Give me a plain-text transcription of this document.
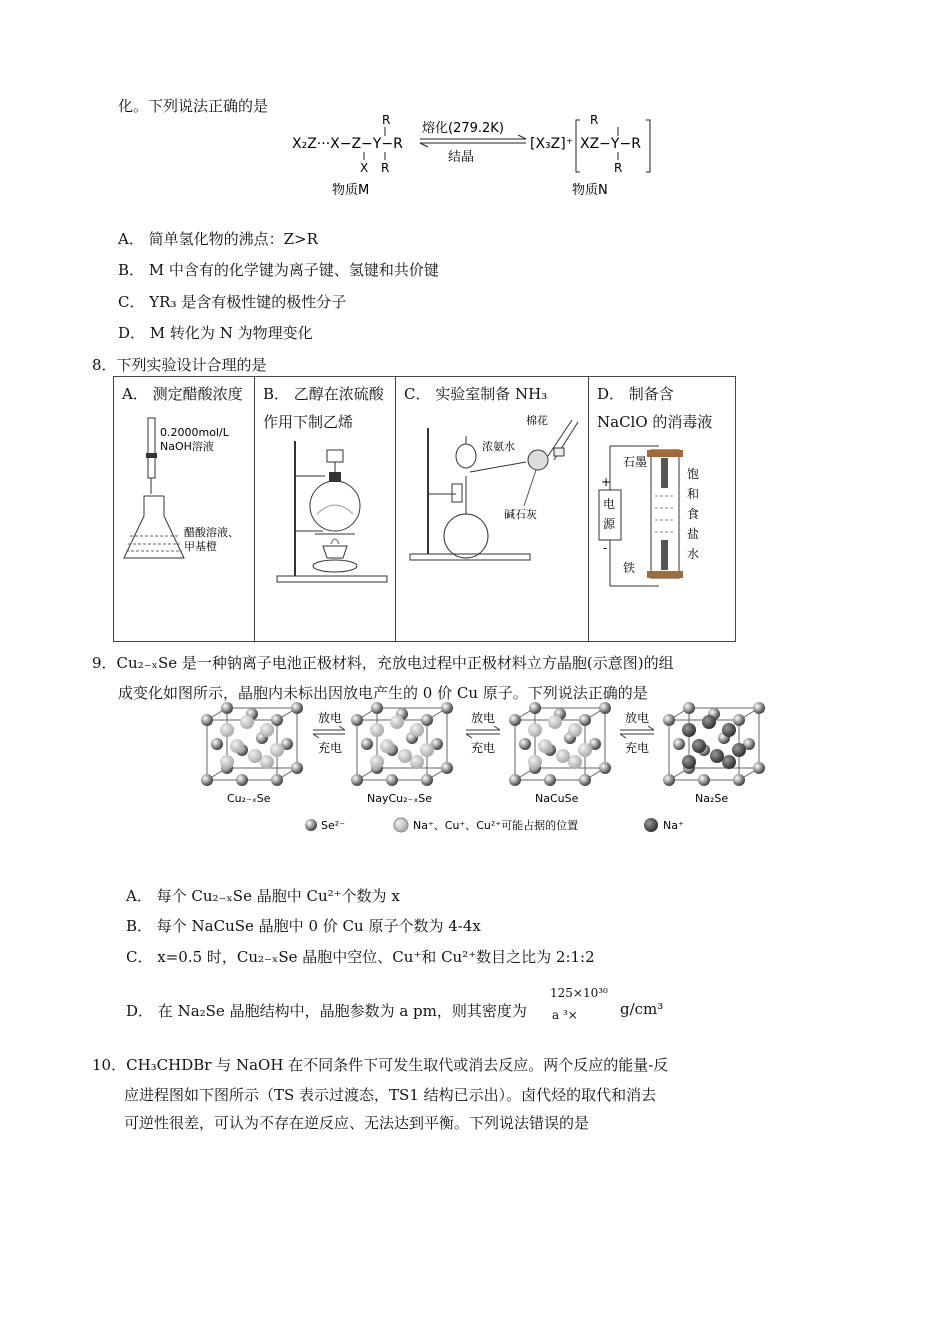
化。下列说法正确的是
R
X₂Z···X−Z−Y−R
X R
熔化(279.2K)
结晶
[X₃Z]⁺
R
XZ−Y−R
R
物质M	物质N
A． 简单氢化物的沸点：Z>R
B． M 中含有的化学键为离子键、氢键和共价键
C． YR₃ 是含有极性键的极性分子
D． M 转化为 N 为物理变化
8．下列实验设计合理的是
A． 测定醋酸浓度
0.2000mol/L
NaOH溶液
醋酸溶液、
甲基橙

B． 乙醇在浓硫酸作用下制乙烯

C． 实验室制备 NH₃
浓氨水
棉花
碱石灰

D． 制备含 NaClO 的消毒液
电
源
+
-
石墨
铁
饱
和
食
盐
水
9．Cu₂₋ₓSe 是一种钠离子电池正极材料，充放电过程中正极材料立方晶胞(示意图)的组
成变化如图所示，晶胞内未标出因放电产生的 0 价 Cu 原子。下列说法正确的是
放电
充电
放电
充电
放电
充电
Cu₂₋ₓSe	NayCu₂₋ₓSe	NaCuSe	Na₂Se
Se²⁻	Na⁺、Cu⁺、Cu²⁺可能占据的位置	Na⁺
A． 每个 Cu₂₋ₓSe 晶胞中 Cu²⁺个数为 x
B． 每个 NaCuSe 晶胞中 0 价 Cu 原子个数为 4-4x
C． x=0.5 时，Cu₂₋ₓSe 晶胞中空位、Cu⁺和 Cu²⁺数目之比为 2:1:2
D． 在 Na₂Se 晶胞结构中，晶胞参数为 a pm，则其密度为
125×10³⁰
a ³×	g/cm³
10．CH₃CHDBr 与 NaOH 在不同条件下可发生取代或消去反应。两个反应的能量-反
应进程图如下图所示（TS 表示过渡态，TS1 结构已示出）。卤代烃的取代和消去
可逆性很差，可认为不存在逆反应、无法达到平衡。下列说法错误的是
